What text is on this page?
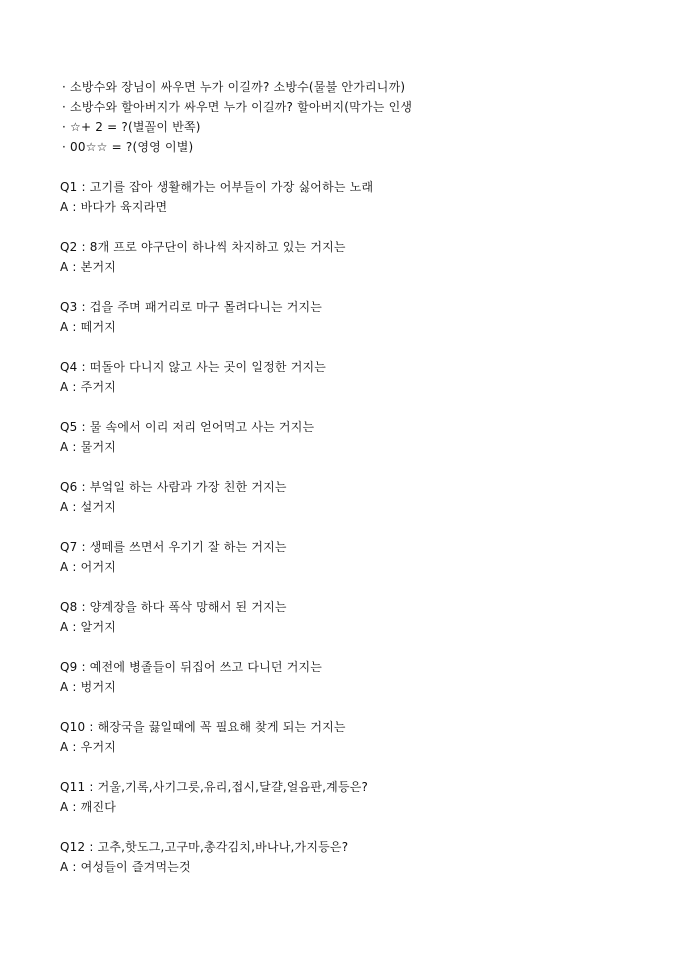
· 소방수와 장님이 싸우면 누가 이길까? 소방수(물불 안가리니까)
· 소방수와 할아버지가 싸우면 누가 이길까? 할아버지(막가는 인생
· ☆+ 2 = ?(별꼴이 반쪽)
· 00☆☆ = ?(영영 이별)
Q1 : 고기를 잡아 생활해가는 어부들이 가장 싫어하는 노래
A : 바다가 육지라면
Q2 : 8개 프로 야구단이 하나씩 차지하고 있는 거지는
A : 본거지
Q3 : 겁을 주며 패거리로 마구 몰려다니는 거지는
A : 떼거지
Q4 : 떠돌아 다니지 않고 사는 곳이 일정한 거지는
A : 주거지
Q5 : 물 속에서 이리 저리 얻어먹고 사는 거지는
A : 물거지
Q6 : 부엌일 하는 사람과 가장 친한 거지는
A : 설거지
Q7 : 생떼를 쓰면서 우기기 잘 하는 거지는
A : 어거지
Q8 : 양계장을 하다 폭삭 망해서 된 거지는
A : 알거지
Q9 : 예전에 병졸들이 뒤집어 쓰고 다니던 거지는
A : 벙거지
Q10 : 해장국을 끓일때에 꼭 필요해 찾게 되는 거지는
A : 우거지
Q11 : 거울,기록,사기그릇,유리,접시,달걀,얼음판,계등은?
A : 깨진다
Q12 : 고추,핫도그,고구마,총각김치,바나나,가지등은?
A : 여성들이 즐겨먹는것
